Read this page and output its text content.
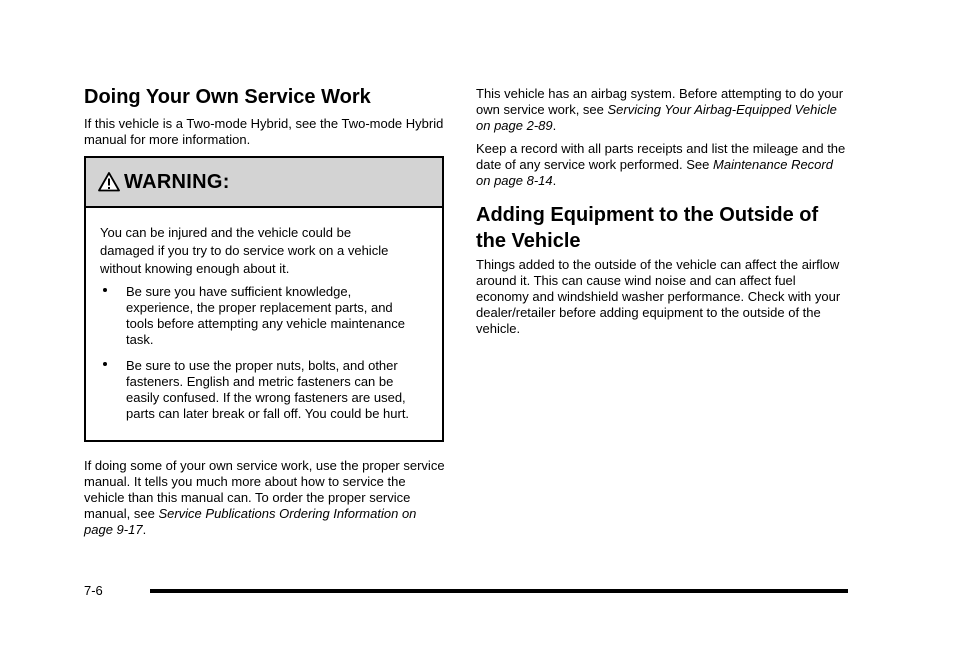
Doing Your Own Service Work

If this vehicle is a Two-mode Hybrid, see the Two-mode Hybrid manual for more information.

WARNING:

You can be injured and the vehicle could be damaged if you try to do service work on a vehicle without knowing enough about it.

Be sure you have sufficient knowledge, experience, the proper replacement parts, and tools before attempting any vehicle maintenance task.
Be sure to use the proper nuts, bolts, and other fasteners. English and metric fasteners can be easily confused. If the wrong fasteners are used, parts can later break or fall off. You could be hurt.

If doing some of your own service work, use the proper service manual. It tells you much more about how to service the vehicle than this manual can. To order the proper service manual, see Service Publications Ordering Information on page 9-17.

This vehicle has an airbag system. Before attempting to do your own service work, see Servicing Your Airbag-Equipped Vehicle on page 2-89.

Keep a record with all parts receipts and list the mileage and the date of any service work performed. See Maintenance Record on page 8-14.

Adding Equipment to the Outside of the Vehicle

Things added to the outside of the vehicle can affect the airflow around it. This can cause wind noise and can affect fuel economy and windshield washer performance. Check with your dealer/retailer before adding equipment to the outside of the vehicle.

7-6
